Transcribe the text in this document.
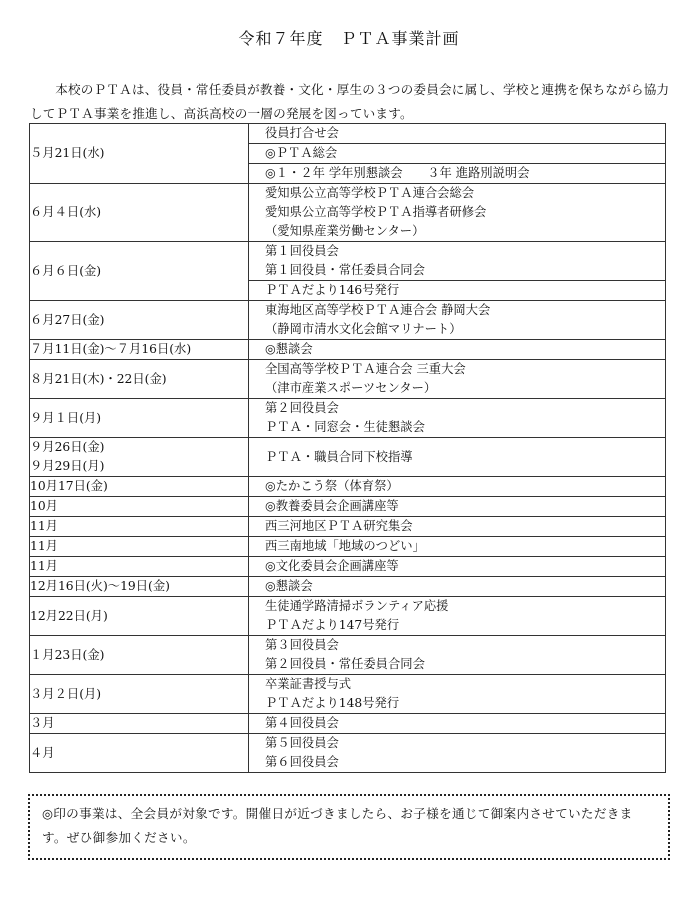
令和７年度　ＰＴＡ事業計画
本校のＰＴＡは、役員・常任委員が教養・文化・厚生の３つの委員会に属し、学校と連携を保ちながら協力してＰＴＡ事業を推進し、高浜高校の一層の発展を図っています。
５月21日(水)	役員打合せ会
◎ＰＴＡ総会
◎１・２年 学年別懇談会　　３年 進路別説明会

６月４日(水)	愛知県公立高等学校ＰＴＡ連合会総会
愛知県公立高等学校ＰＴＡ指導者研修会
（愛知県産業労働センター）

６月６日(金)	第１回役員会
第１回役員・常任委員合同会
ＰＴＡだより146号発行

６月27日(金)	東海地区高等学校ＰＴＡ連合会 静岡大会
（静岡市清水文化会館マリナート）

７月11日(金)～７月16日(水)	◎懇談会

８月21日(木)・22日(金)	全国高等学校ＰＴＡ連合会 三重大会
（津市産業スポーツセンター）

９月１日(月)	第２回役員会
ＰＴＡ・同窓会・生徒懇談会

９月26日(金)
９月29日(月)	ＰＴＡ・職員合同下校指導

10月17日(金)	◎たかこう祭（体育祭）

10月	◎教養委員会企画講座等

11月	西三河地区ＰＴＡ研究集会

11月	西三南地域「地域のつどい」

11月	◎文化委員会企画講座等

12月16日(火)～19日(金)	◎懇談会

12月22日(月)	生徒通学路清掃ボランティア応援
ＰＴＡだより147号発行

１月23日(金)	第３回役員会
第２回役員・常任委員合同会

３月２日(月)	卒業証書授与式
ＰＴＡだより148号発行

３月	第４回役員会

４月	第５回役員会
第６回役員会
◎印の事業は、全会員が対象です。開催日が近づきましたら、お子様を通じて御案内させていただきます。ぜひ御参加ください。
